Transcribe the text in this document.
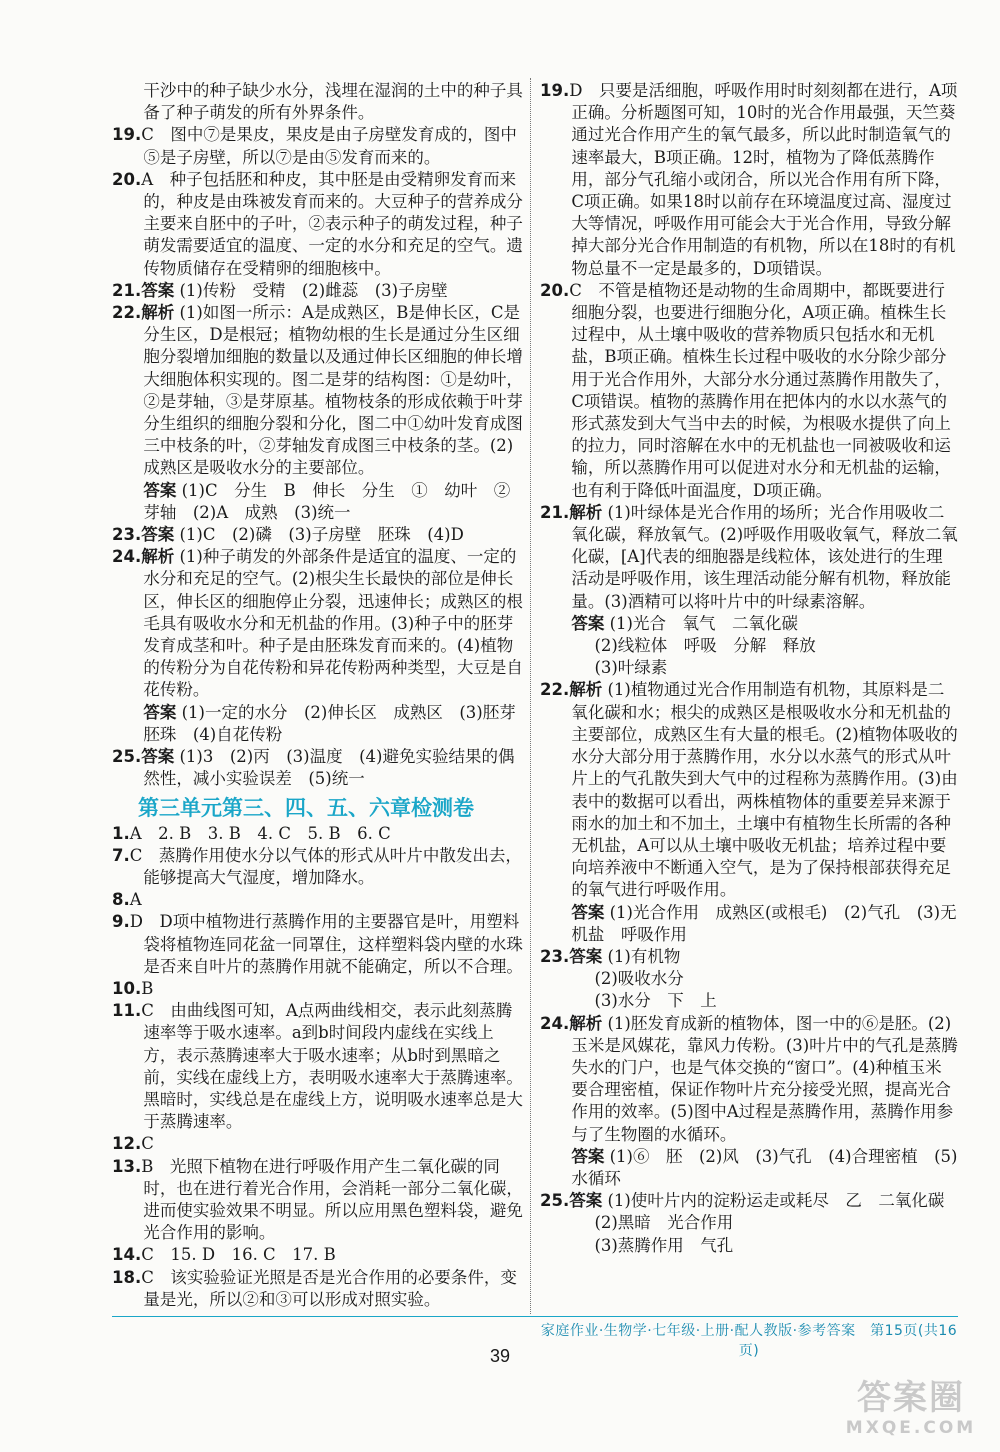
干沙中的种子缺少水分，浅埋在湿润的土中的种子具备了种子萌发的所有外界条件。

19.C　图中⑦是果皮，果皮是由子房壁发育成的，图中⑤是子房壁，所以⑦是由⑤发育而来的。

20.A　种子包括胚和种皮，其中胚是由受精卵发育而来的，种皮是由珠被发育而来的。大豆种子的营养成分主要来自胚中的子叶，②表示种子的萌发过程，种子萌发需要适宜的温度、一定的水分和充足的空气。遗传物质储存在受精卵的细胞核中。

21.答案 (1)传粉　受精　(2)雌蕊　(3)子房壁

22.解析 (1)如图一所示：A是成熟区，B是伸长区，C是分生区，D是根冠；植物幼根的生长是通过分生区细胞分裂增加细胞的数量以及通过伸长区细胞的伸长增大细胞体积实现的。图二是芽的结构图：①是幼叶，②是芽轴，③是芽原基。植物枝条的形成依赖于叶芽分生组织的细胞分裂和分化，图二中①幼叶发育成图三中枝条的叶，②芽轴发育成图三中枝条的茎。(2)成熟区是吸收水分的主要部位。

答案 (1)C　分生　B　伸长　分生　①　幼叶　②　芽轴　(2)A　成熟　(3)统一

23.答案 (1)C　(2)磷　(3)子房壁　胚珠　(4)D

24.解析 (1)种子萌发的外部条件是适宜的温度、一定的水分和充足的空气。(2)根尖生长最快的部位是伸长区，伸长区的细胞停止分裂，迅速伸长；成熟区的根毛具有吸收水分和无机盐的作用。(3)种子中的胚芽发育成茎和叶。种子是由胚珠发育而来的。(4)植物的传粉分为自花传粉和异花传粉两种类型，大豆是自花传粉。

答案 (1)一定的水分　(2)伸长区　成熟区　(3)胚芽　胚珠　(4)自花传粉

25.答案 (1)3　(2)丙　(3)温度　(4)避免实验结果的偶然性，减小实验误差　(5)统一

第三单元第三、四、五、六章检测卷

1.A　2. B　3. B　4. C　5. B　6. C

7.C　蒸腾作用使水分以气体的形式从叶片中散发出去，能够提高大气湿度，增加降水。

8.A

9.D　D项中植物进行蒸腾作用的主要器官是叶，用塑料袋将植物连同花盆一同罩住，这样塑料袋内壁的水珠是否来自叶片的蒸腾作用就不能确定，所以不合理。

10.B

11.C　由曲线图可知，A点两曲线相交，表示此刻蒸腾速率等于吸水速率。a到b时间段内虚线在实线上方，表示蒸腾速率大于吸水速率；从b时到黑暗之前，实线在虚线上方，表明吸水速率大于蒸腾速率。黑暗时，实线总是在虚线上方，说明吸水速率总是大于蒸腾速率。

12.C

13.B　光照下植物在进行呼吸作用产生二氧化碳的同时，也在进行着光合作用，会消耗一部分二氧化碳，进而使实验效果不明显。所以应用黑色塑料袋，避免光合作用的影响。

14.C　15. D　16. C　17. B

18.C　该实验验证光照是否是光合作用的必要条件，变量是光，所以②和③可以形成对照实验。

19.D　只要是活细胞，呼吸作用时时刻刻都在进行，A项正确。分析题图可知，10时的光合作用最强，天竺葵通过光合作用产生的氧气最多，所以此时制造氧气的速率最大，B项正确。12时，植物为了降低蒸腾作用，部分气孔缩小或闭合，所以光合作用有所下降，C项正确。如果18时以前存在环境温度过高、湿度过大等情况，呼吸作用可能会大于光合作用，导致分解掉大部分光合作用制造的有机物，所以在18时的有机物总量不一定是最多的，D项错误。

20.C　不管是植物还是动物的生命周期中，都既要进行细胞分裂，也要进行细胞分化，A项正确。植株生长过程中，从土壤中吸收的营养物质只包括水和无机盐，B项正确。植株生长过程中吸收的水分除少部分用于光合作用外，大部分水分通过蒸腾作用散失了，C项错误。植物的蒸腾作用在把体内的水以水蒸气的形式蒸发到大气当中去的时候，为根吸水提供了向上的拉力，同时溶解在水中的无机盐也一同被吸收和运输，所以蒸腾作用可以促进对水分和无机盐的运输，也有利于降低叶面温度，D项正确。

21.解析 (1)叶绿体是光合作用的场所；光合作用吸收二氧化碳，释放氧气。(2)呼吸作用吸收氧气，释放二氧化碳，[A]代表的细胞器是线粒体，该处进行的生理活动是呼吸作用，该生理活动能分解有机物，释放能量。(3)酒精可以将叶片中的叶绿素溶解。

答案 (1)光合　氧气　二氧化碳

(2)线粒体　呼吸　分解　释放

(3)叶绿素

22.解析 (1)植物通过光合作用制造有机物，其原料是二氧化碳和水；根尖的成熟区是根吸收水分和无机盐的主要部位，成熟区生有大量的根毛。(2)植物体吸收的水分大部分用于蒸腾作用，水分以水蒸气的形式从叶片上的气孔散失到大气中的过程称为蒸腾作用。(3)由表中的数据可以看出，两株植物体的重要差异来源于雨水的加土和不加土，土壤中有植物生长所需的各种无机盐，A可以从土壤中吸收无机盐；培养过程中要向培养液中不断通入空气，是为了保持根部获得充足的氧气进行呼吸作用。

答案 (1)光合作用　成熟区(或根毛)　(2)气孔　(3)无机盐　呼吸作用

23.答案 (1)有机物

(2)吸收水分

(3)水分　下　上

24.解析 (1)胚发育成新的植物体，图一中的⑥是胚。(2)玉米是风媒花，靠风力传粉。(3)叶片中的气孔是蒸腾失水的门户，也是气体交换的“窗口”。(4)种植玉米要合理密植，保证作物叶片充分接受光照，提高光合作用的效率。(5)图中A过程是蒸腾作用，蒸腾作用参与了生物圈的水循环。

答案 (1)⑥　胚　(2)风　(3)气孔　(4)合理密植　(5)水循环

25.答案 (1)使叶片内的淀粉运走或耗尽　乙　二氧化碳

(2)黑暗　光合作用

(3)蒸腾作用　气孔

家庭作业·生物学·七年级·上册·配人教版·参考答案　第15页(共16页)
39
答案圈
MXQE.COM
